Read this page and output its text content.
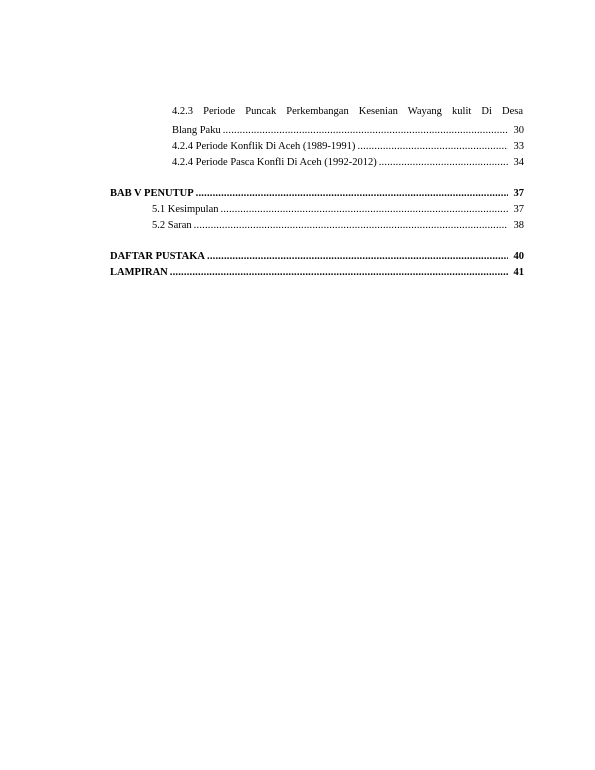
4.2.3 Periode Puncak Perkembangan Kesenian Wayang kulit Di Desa
Blang Paku .....	30
4.2.4 Periode Konflik Di Aceh (1989-1991) .....	33
4.2.4 Periode Pasca Konfli Di Aceh (1992-2012) .....	34
BAB V PENUTUP .....	37
5.1 Kesimpulan .....	37
5.2 Saran .....	38
DAFTAR PUSTAKA .....	40
LAMPIRAN .....	41
